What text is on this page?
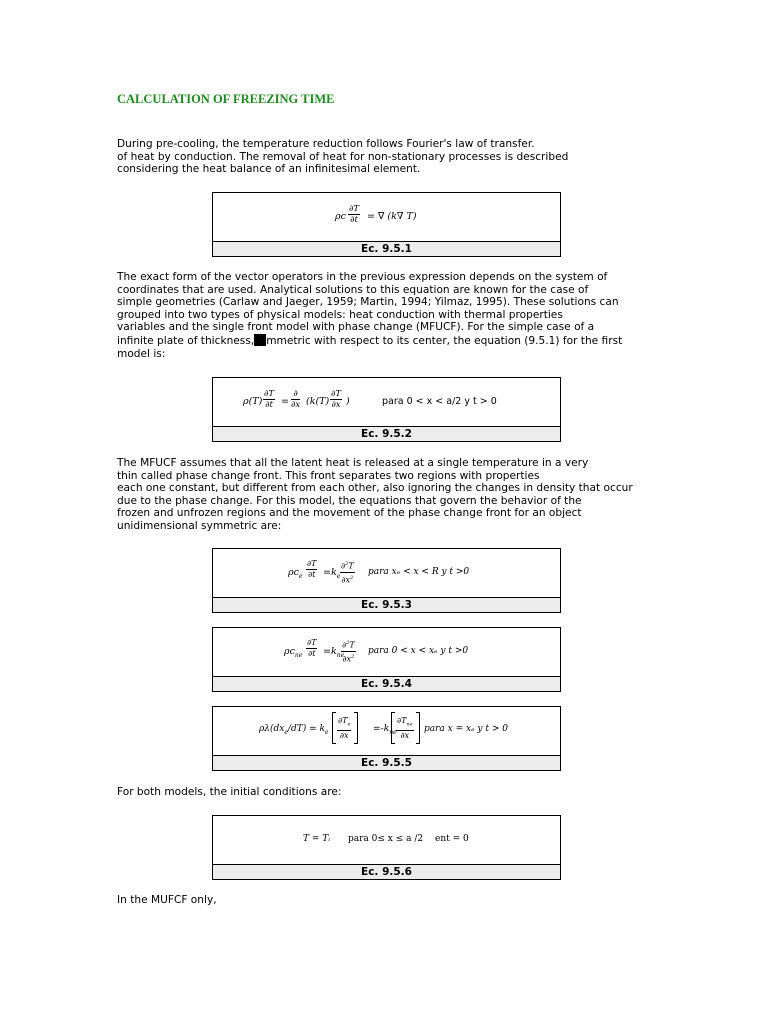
CALCULATION OF FREEZING TIME

During pre-cooling, the temperature reduction follows Fourier's law of transfer.
of heat by conduction. The removal of heat for non-stationary processes is described
considering the heat balance of an infinitesimal element.

ρc $\frac{\partial T}{\partial t}$ = ∇ (k∇ T)
Ec. 9.5.1

The exact form of the vector operators in the previous expression depends on the system of
coordinates that are used. Analytical solutions to this equation are known for the case of
simple geometries (Carlaw and Jaeger, 1959; Martin, 1994; Yilmaz, 1995). These solutions can
grouped into two types of physical models: heat conduction with thermal properties
variables and the single front model with phase change (MFUCF). For the simple case of a
infinite plate of thickness, mmetric with respect to its center, the equation (9.5.1) for the first
model is:

$\rho(T) \frac{\partial T}{\partial t}$ =
∂
∂x ($k(T) \frac{\partial T}{\partial x}$ )	para 0 < x < a/2 y t > 0
Ec. 9.5.2

The MFUCF assumes that all the latent heat is released at a single temperature in a very
thin called phase change front. This front separates two regions with properties
each one constant, but different from each other, also ignoring the changes in density that occur
due to the phase change. For this model, the equations that govern the behavior of the
frozen and unfrozen regions and the movement of the phase change front for an object
unidimensional symmetric are:

$\rho c_e \frac{\partial T}{\partial t} =k_e \frac{\partial^2T}{\partial x^2}$ para xₑ < x < R y t >0
Ec. 9.5.3
$\rho c_{ne} \frac{\partial T}{\partial t} =k_{ne}$
$\frac{\partial^2T}{\partial x^2}$ para 0 < x < xₑ y t >0
Ec. 9.5.4
$\rho\lambda(dx_e/dT) = k_e \frac{\partial T_e}{\partial x} =-k_{ne}$
$\partial T_{ne}$
∂x
para x = xₑ y t > 0
Ec. 9.5.5

For both models, the initial conditions are:

T = Tᵢ para 0≤ x ≤ a /2 ent = 0
Ec. 9.5.6

In the MUFCF only,
